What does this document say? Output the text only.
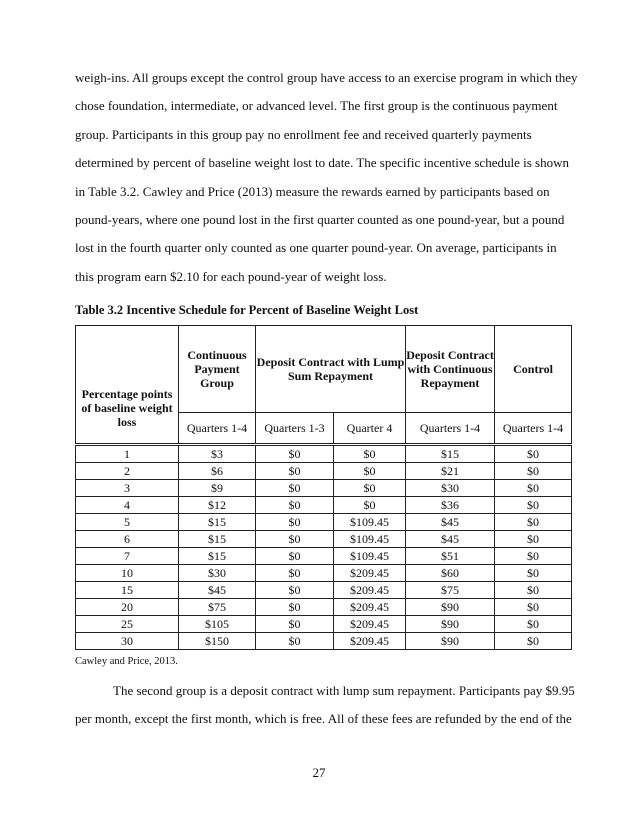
weigh-ins. All groups except the control group have access to an exercise program in which they
chose foundation, intermediate, or advanced level. The first group is the continuous payment
group. Participants in this group pay no enrollment fee and received quarterly payments
determined by percent of baseline weight lost to date. The specific incentive schedule is shown
in Table 3.2. Cawley and Price (2013) measure the rewards earned by participants based on
pound-years, where one pound lost in the first quarter counted as one pound-year, but a pound
lost in the fourth quarter only counted as one quarter pound-year. On average, participants in
this program earn $2.10 for each pound-year of weight loss.
Table 3.2 Incentive Schedule for Percent of Baseline Weight Lost
Percentage points of baseline weight loss	Continuous Payment Group	Deposit Contract with Lump Sum Repayment		Deposit Contract with Continuous Repayment	Control
	Quarters 1-4	Quarters 1-3	Quarter 4	Quarters 1-4	Quarters 1-4
1	$3	$0	$0	$15	$0
2	$6	$0	$0	$21	$0
3	$9	$0	$0	$30	$0
4	$12	$0	$0	$36	$0
5	$15	$0	$109.45	$45	$0
6	$15	$0	$109.45	$45	$0
7	$15	$0	$109.45	$51	$0
10	$30	$0	$209.45	$60	$0
15	$45	$0	$209.45	$75	$0
20	$75	$0	$209.45	$90	$0
25	$105	$0	$209.45	$90	$0
30	$150	$0	$209.45	$90	$0
Cawley and Price, 2013.
The second group is a deposit contract with lump sum repayment. Participants pay $9.95
per month, except the first month, which is free. All of these fees are refunded by the end of the
27
